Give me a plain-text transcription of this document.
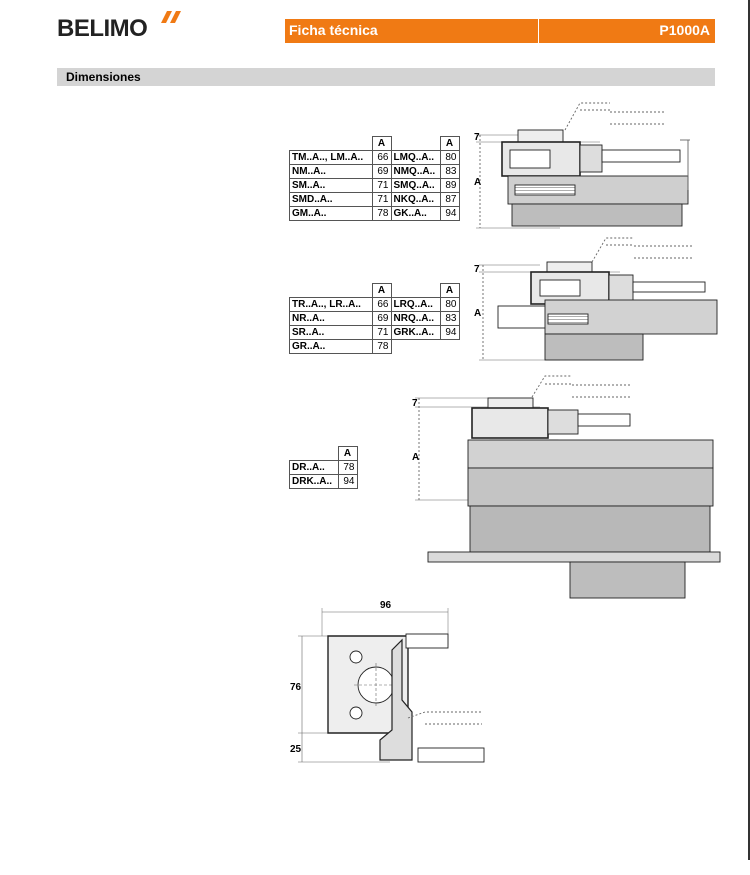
BELIMO	Ficha técnica	P1000A
Dimensiones
	A		A
TM..A.., LM..A..	66	LMQ..A..	80
NM..A..	69	NMQ..A..	83
SM..A..	71	SMQ..A..	89
SMD..A..	71	NKQ..A..	87
GM..A..	78	GK..A..	94
	A		A
TR..A.., LR..A..	66	LRQ..A..	80
NR..A..	69	NRQ..A..	83
SR..A..	71	GRK..A..	94
GR..A..	78		
	A
DR..A..	78
DRK..A..	94
7
A
7
A
7
A
96
76
25
